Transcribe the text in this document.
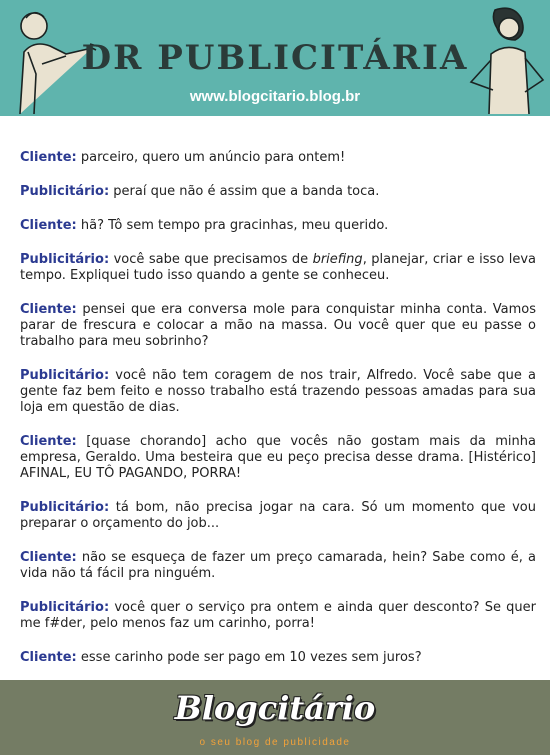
DR PUBLICITÁRIA
www.blogcitario.blog.br

Cliente: parceiro, quero um anúncio para ontem!

Publicitário: peraí que não é assim que a banda toca.

Cliente: hã? Tô sem tempo pra gracinhas, meu querido.

Publicitário: você sabe que precisamos de briefing, planejar, criar e isso leva tempo. Expliquei tudo isso quando a gente se conheceu.

Cliente: pensei que era conversa mole para conquistar minha conta. Vamos parar de frescura e colocar a mão na massa. Ou você quer que eu passe o trabalho para meu sobrinho?

Publicitário: você não tem coragem de nos trair, Alfredo. Você sabe que a gente faz bem feito e nosso trabalho está trazendo pessoas amadas para sua loja em questão de dias.

Cliente: [quase chorando] acho que vocês não gostam mais da minha empresa, Geraldo. Uma besteira que eu peço precisa desse drama. [Histérico] AFINAL, EU TÔ PAGANDO, PORRA!

Publicitário: tá bom, não precisa jogar na cara. Só um momento que vou preparar o orçamento do job...

Cliente: não se esqueça de fazer um preço camarada, hein? Sabe como é, a vida não tá fácil pra ninguém.

Publicitário: você quer o serviço pra ontem e ainda quer desconto? Se quer me f#der, pelo menos faz um carinho, porra!

Cliente: esse carinho pode ser pago em 10 vezes sem juros?

Blogcitário
o seu blog de publicidade
